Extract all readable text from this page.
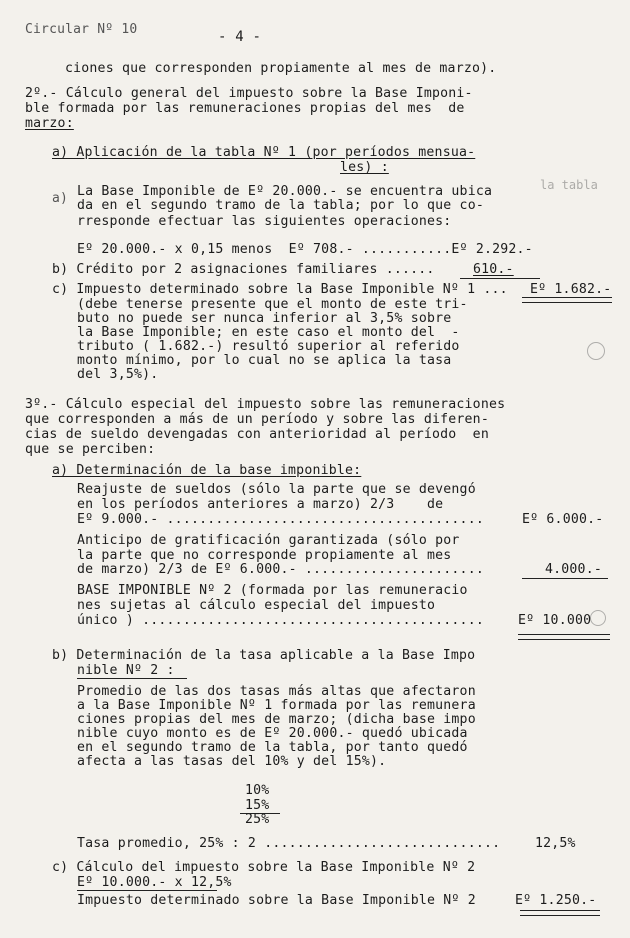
la tabla
Circular Nº 10	- 4 -
ciones que corresponden propiamente al mes de marzo).
2º.- Cálculo general del impuesto sobre la Base Imponi-
ble formada por las remuneraciones propias del mes  de
marzo:
a) Aplicación de la tabla Nº 1 (por períodos mensua-
les) :
a) La Base Imponible de Eº 20.000.- se encuentra ubica
da en el segundo tramo de la tabla; por lo que co-
rresponde efectuar las siguientes operaciones:
Eº 20.000.- x 0,15 menos  Eº 708.- ...........Eº 2.292.-
b) Crédito por 2 asignaciones familiares ......	610.-
c) Impuesto determinado sobre la Base Imponible Nº 1 ... Eº 1.682.-
(debe tenerse presente que el monto de este tri-
buto no puede ser nunca inferior al 3,5% sobre
la Base Imponible; en este caso el monto del  -
tributo ( 1.682.-) resultó superior al referido
monto mínimo, por lo cual no se aplica la tasa
del 3,5%).
3º.- Cálculo especial del impuesto sobre las remuneraciones
que corresponden a más de un período y sobre las diferen-
cias de sueldo devengadas con anterioridad al período  en
que se perciben:
a) Determinación de la base imponible:
Reajuste de sueldos (sólo la parte que se devengó
en los períodos anteriores a marzo) 2/3    de
Eº 9.000.- .......................................	Eº 6.000.-
Anticipo de gratificación garantizada (sólo por
la parte que no corresponde propiamente al mes
de marzo) 2/3 de Eº 6.000.- ......................	4.000.-
BASE IMPONIBLE Nº 2 (formada por las remuneracio
nes sujetas al cálculo especial del impuesto
único ) ..........................................	Eº 10.000
b) Determinación de la tasa aplicable a la Base Impo
nible Nº 2 :
Promedio de las dos tasas más altas que afectaron
a la Base Imponible Nº 1 formada por las remunera
ciones propias del mes de marzo; (dicha base impo
nible cuyo monto es de Eº 20.000.- quedó ubicada
en el segundo tramo de la tabla, por tanto quedó
afecta a las tasas del 10% y del 15%).
10%
15%
25%
Tasa promedio, 25% : 2 .............................	12,5%
c) Cálculo del impuesto sobre la Base Imponible Nº 2
Eº 10.000.- x 12,5%
Impuesto determinado sobre la Base Imponible Nº 2	Eº 1.250.-
